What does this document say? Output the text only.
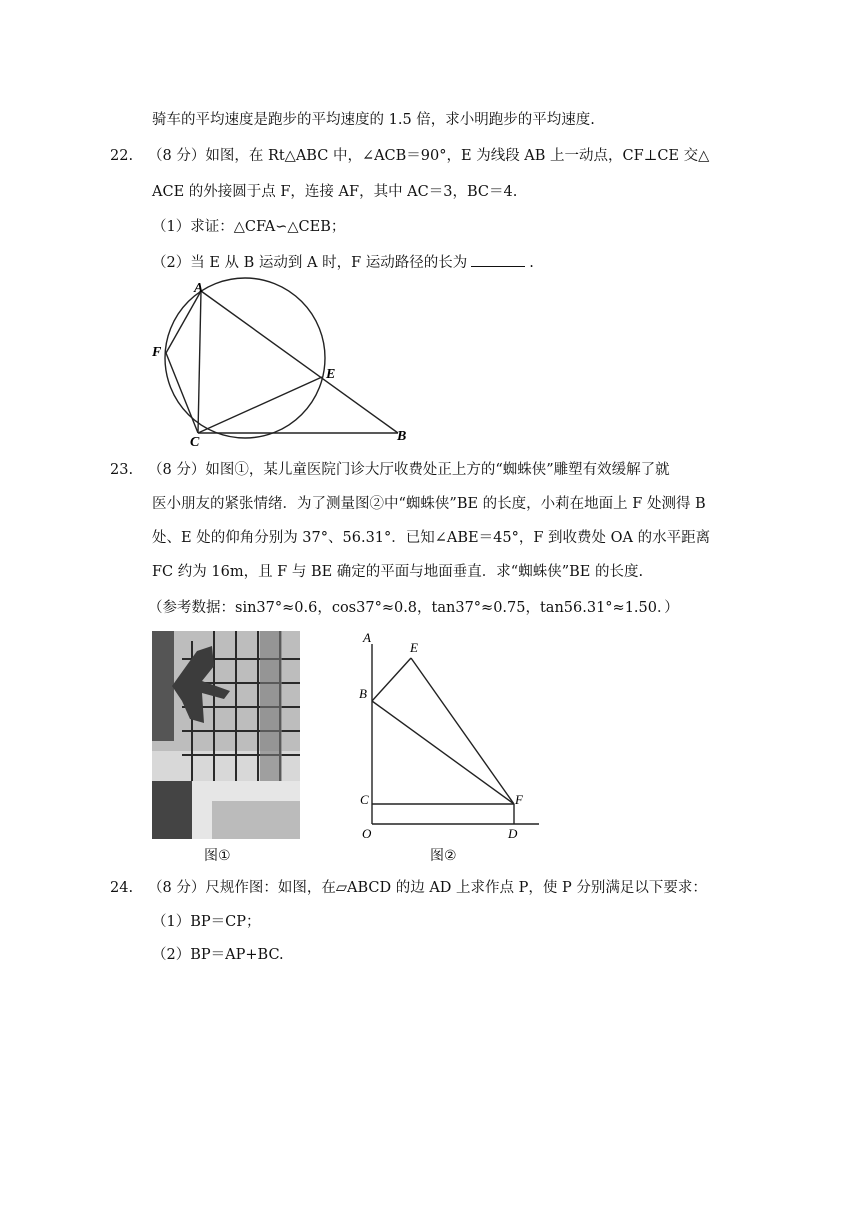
骑车的平均速度是跑步的平均速度的 1.5 倍，求小明跑步的平均速度.
22. （8 分）如图，在 Rt△ABC 中，∠ACB＝90°，E 为线段 AB 上一动点，CF⊥CE 交△
ACE 的外接圆于点 F，连接 AF，其中 AC＝3，BC＝4.
（1）求证：△CFA∽△CEB；
（2）当 E 从 B 运动到 A 时，F 运动路径的长为	.
A
F
E
C	B
23. （8 分）如图①，某儿童医院门诊大厅收费处正上方的“蜘蛛侠”雕塑有效缓解了就
医小朋友的紧张情绪．为了测量图②中“蜘蛛侠”BE 的长度，小莉在地面上 F 处测得 B
处、E 处的仰角分别为 37°、56.31°．已知∠ABE＝45°，F 到收费处 OA 的水平距离
FC 约为 16m，且 F 与 BE 确定的平面与地面垂直．求“蜘蛛侠”BE 的长度.
（参考数据：sin37°≈0.6，cos37°≈0.8，tan37°≈0.75，tan56.31°≈1.50．）
图①
A
E
B
C	F
O	D
图②
24. （8 分）尺规作图：如图，在▱ABCD 的边 AD 上求作点 P，使 P 分别满足以下要求：
（1）BP＝CP；
（2）BP＝AP+BC.
